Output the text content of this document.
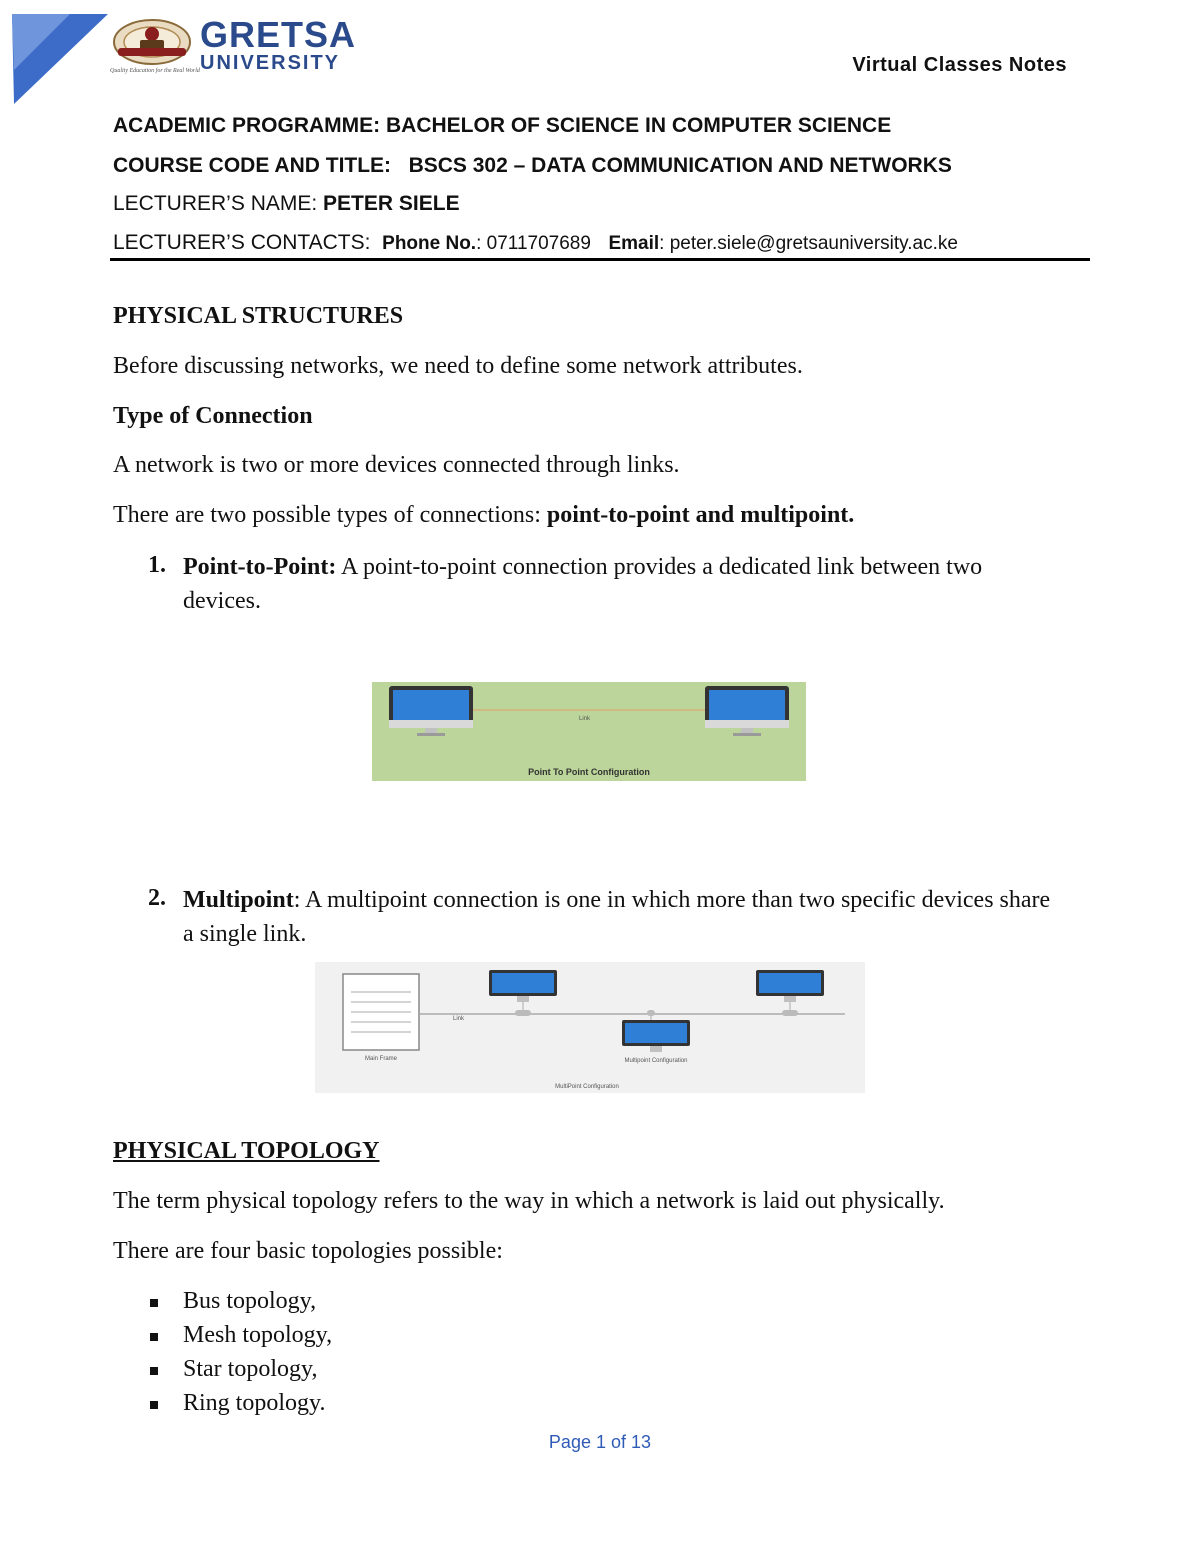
GRETSA
UNIVERSITY
Quality Education for the Real World	Virtual Classes Notes
ACADEMIC PROGRAMME: BACHELOR OF SCIENCE IN COMPUTER SCIENCE
COURSE CODE AND TITLE: BSCS 302 – DATA COMMUNICATION AND NETWORKS
LECTURER’S NAME: PETER SIELE
LECTURER’S CONTACTS: Phone No.: 0711707689 Email: peter.siele@gretsauniversity.ac.ke
PHYSICAL STRUCTURES
Before discussing networks, we need to define some network attributes.
Type of Connection
A network is two or more devices connected through links.
There are two possible types of connections: point-to-point and multipoint.
1. Point-to-Point: A point-to-point connection provides a dedicated link between two devices.
Link
Point To Point Configuration
2. Multipoint: A multipoint connection is one in which more than two specific devices share a single link.
Link
Main Frame	Multipoint Configuration
MultiPoint Configuration
PHYSICAL TOPOLOGY
The term physical topology refers to the way in which a network is laid out physically.
There are four basic topologies possible:
Bus topology,
Mesh topology,
Star topology,
Ring topology.
Page 1 of 13
